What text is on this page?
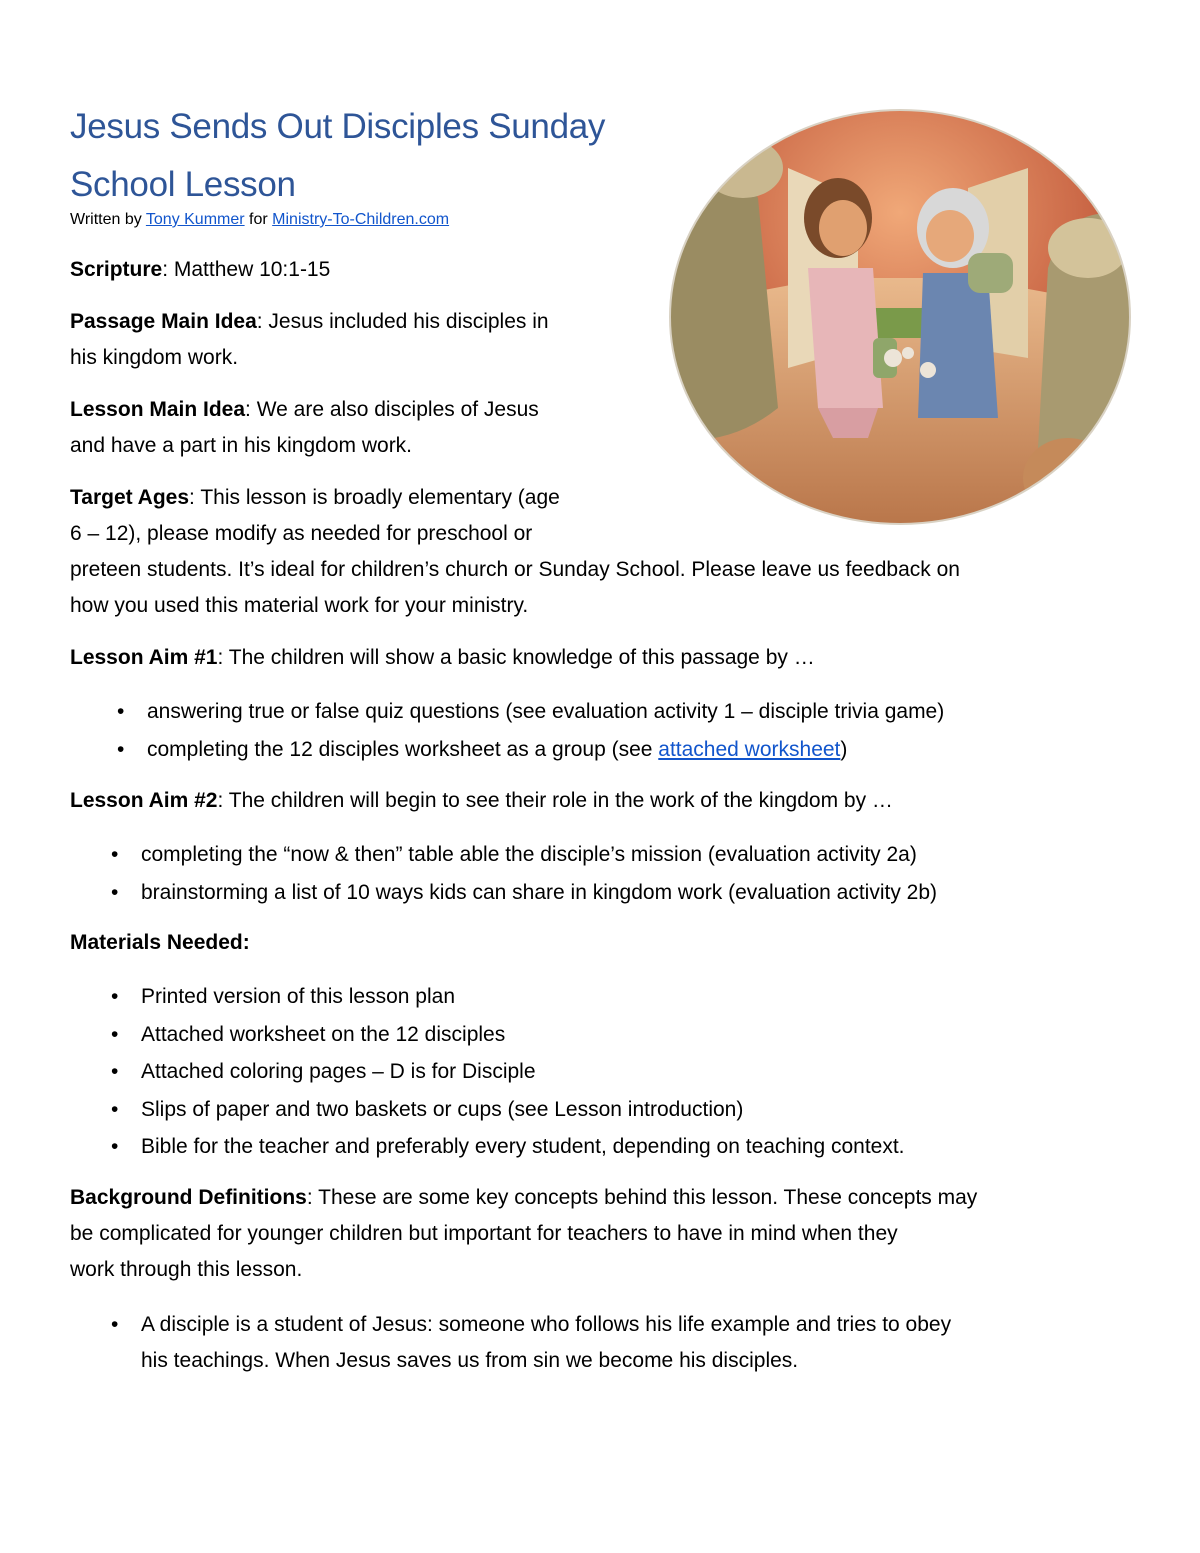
Jesus Sends Out Disciples Sunday
School Lesson
Written by Tony Kummer for Ministry-To-Children.com

Scripture: Matthew 10:1-15

Passage Main Idea: Jesus included his disciples in
his kingdom work.

Lesson Main Idea: We are also disciples of Jesus
and have a part in his kingdom work.

Target Ages: This lesson is broadly elementary (age
6 – 12), please modify as needed for preschool or
preteen students. It’s ideal for children’s church or Sunday School. Please leave us feedback on
how you used this material work for your ministry.

Lesson Aim #1: The children will show a basic knowledge of this passage by …

• answering true or false quiz questions (see evaluation activity 1 – disciple trivia game)
• completing the 12 disciples worksheet as a group (see attached worksheet)

Lesson Aim #2: The children will begin to see their role in the work of the kingdom by …

• completing the “now & then” table able the disciple’s mission (evaluation activity 2a)
• brainstorming a list of 10 ways kids can share in kingdom work (evaluation activity 2b)

Materials Needed:

• Printed version of this lesson plan
• Attached worksheet on the 12 disciples
• Attached coloring pages – D is for Disciple
• Slips of paper and two baskets or cups (see Lesson introduction)
• Bible for the teacher and preferably every student, depending on teaching context.

Background Definitions: These are some key concepts behind this lesson. These concepts may
be complicated for younger children but important for teachers to have in mind when they
work through this lesson.

• A disciple is a student of Jesus: someone who follows his life example and tries to obey
his teachings. When Jesus saves us from sin we become his disciples.
